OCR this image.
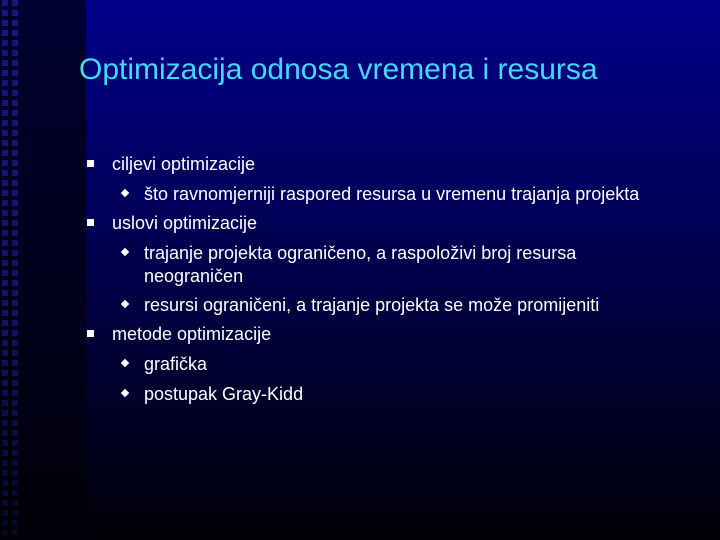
Optimizacija odnosa vremena i resursa
ciljevi optimizacije
što ravnomjerniji raspored resursa u vremenu trajanja projekta
uslovi optimizacije
trajanje projekta ograničeno, a raspoloživi broj resursa
neograničen
resursi ograničeni, a trajanje projekta se može promijeniti
metode optimizacije
grafička
postupak Gray-Kidd
